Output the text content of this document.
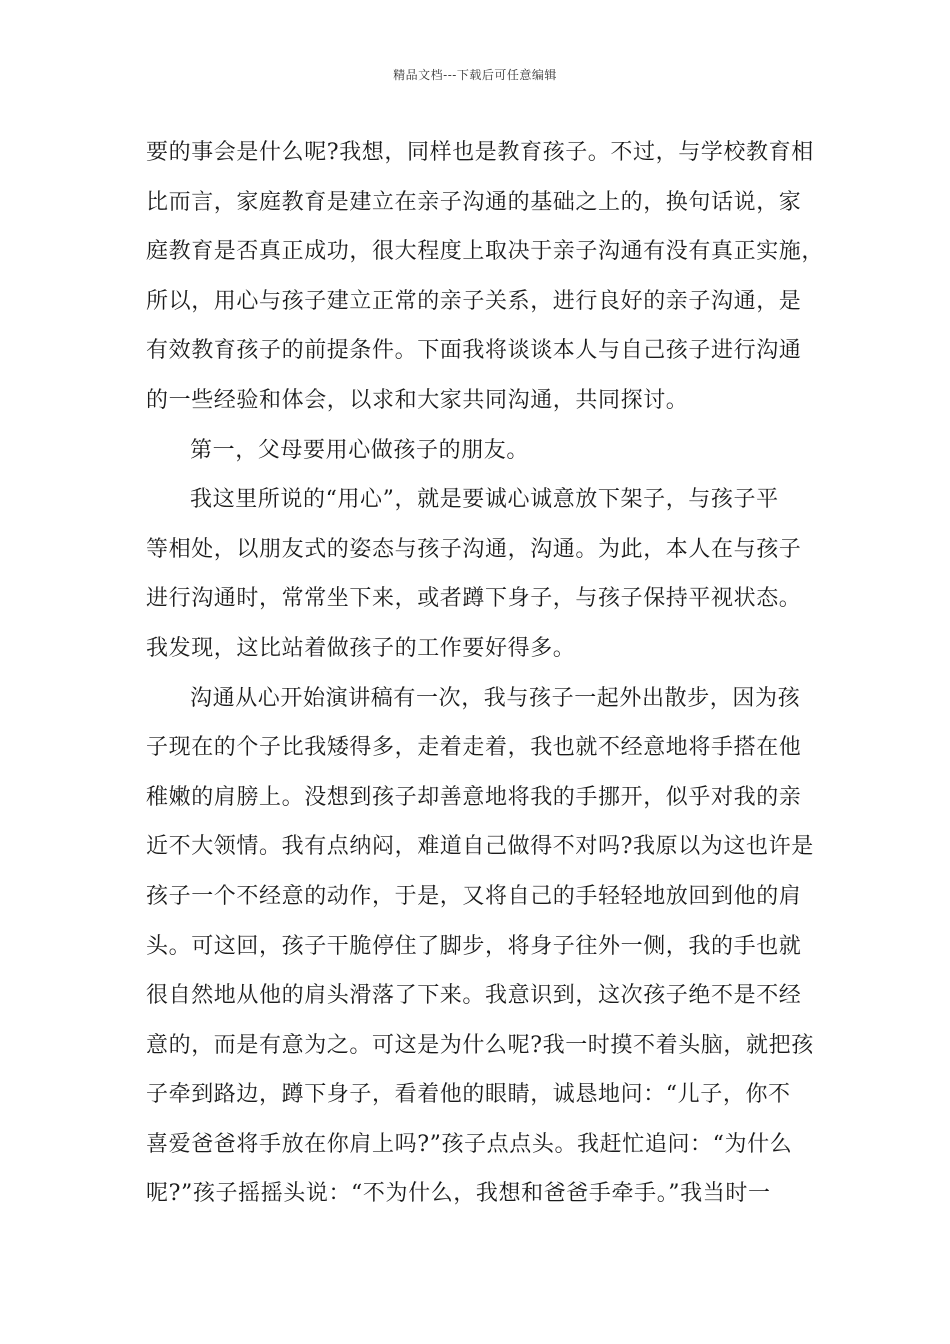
精品文档---下载后可任意编辑
要的事会是什么呢?我想，同样也是教育孩子。不过，与学校教育相
比而言，家庭教育是建立在亲子沟通的基础之上的，换句话说，家
庭教育是否真正成功，很大程度上取决于亲子沟通有没有真正实施，
所以，用心与孩子建立正常的亲子关系，进行良好的亲子沟通，是
有效教育孩子的前提条件。下面我将谈谈本人与自己孩子进行沟通
的一些经验和体会，以求和大家共同沟通，共同探讨。
第一，父母要用心做孩子的朋友。
我这里所说的“用心”，就是要诚心诚意放下架子，与孩子平
等相处，以朋友式的姿态与孩子沟通，沟通。为此，本人在与孩子
进行沟通时，常常坐下来，或者蹲下身子，与孩子保持平视状态。
我发现，这比站着做孩子的工作要好得多。
沟通从心开始演讲稿有一次，我与孩子一起外出散步，因为孩
子现在的个子比我矮得多，走着走着，我也就不经意地将手搭在他
稚嫩的肩膀上。没想到孩子却善意地将我的手挪开，似乎对我的亲
近不大领情。我有点纳闷，难道自己做得不对吗?我原以为这也许是
孩子一个不经意的动作，于是，又将自己的手轻轻地放回到他的肩
头。可这回，孩子干脆停住了脚步，将身子往外一侧，我的手也就
很自然地从他的肩头滑落了下来。我意识到，这次孩子绝不是不经
意的，而是有意为之。可这是为什么呢?我一时摸不着头脑，就把孩
子牵到路边，蹲下身子，看着他的眼睛，诚恳地问：“儿子，你不
喜爱爸爸将手放在你肩上吗?”孩子点点头。我赶忙追问：“为什么
呢?”孩子摇摇头说：“不为什么，我想和爸爸手牵手。”我当时一
